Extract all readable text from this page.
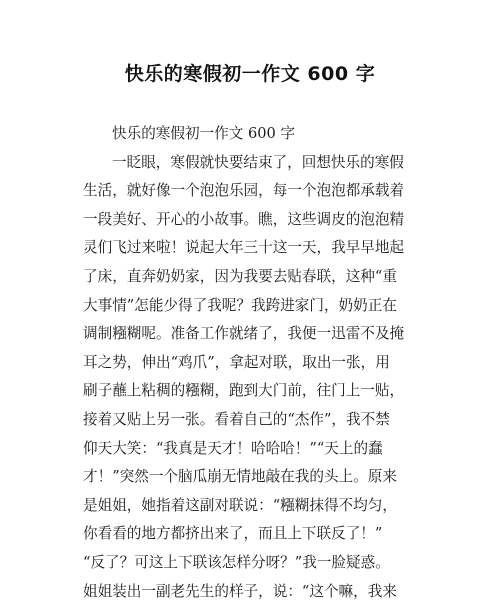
快乐的寒假初一作文 600 字
快乐的寒假初一作文 600 字
一眨眼，寒假就快要结束了，回想快乐的寒假
生活，就好像一个泡泡乐园，每一个泡泡都承载着
一段美好、开心的小故事。瞧，这些调皮的泡泡精
灵们飞过来啦！说起大年三十这一天，我早早地起
了床，直奔奶奶家，因为我要去贴春联，这种“重
大事情”怎能少得了我呢？我跨进家门，奶奶正在
调制糨糊呢。准备工作就绪了，我便一迅雷不及掩
耳之势，伸出“鸡爪”，拿起对联，取出一张，用
刷子蘸上粘稠的糨糊，跑到大门前，往门上一贴，
接着又贴上另一张。看着自己的“杰作”，我不禁
仰天大笑：“我真是天才！哈哈哈！”“天上的蠢
才！”突然一个脑瓜崩无情地敲在我的头上。原来
是姐姐，她指着这副对联说：“糨糊抹得不均匀，
你看看的地方都挤出来了，而且上下联反了！”
“反了？可这上下联该怎样分呀？”我一脸疑惑。
姐姐装出一副老先生的样子，说：“这个嘛，我来
